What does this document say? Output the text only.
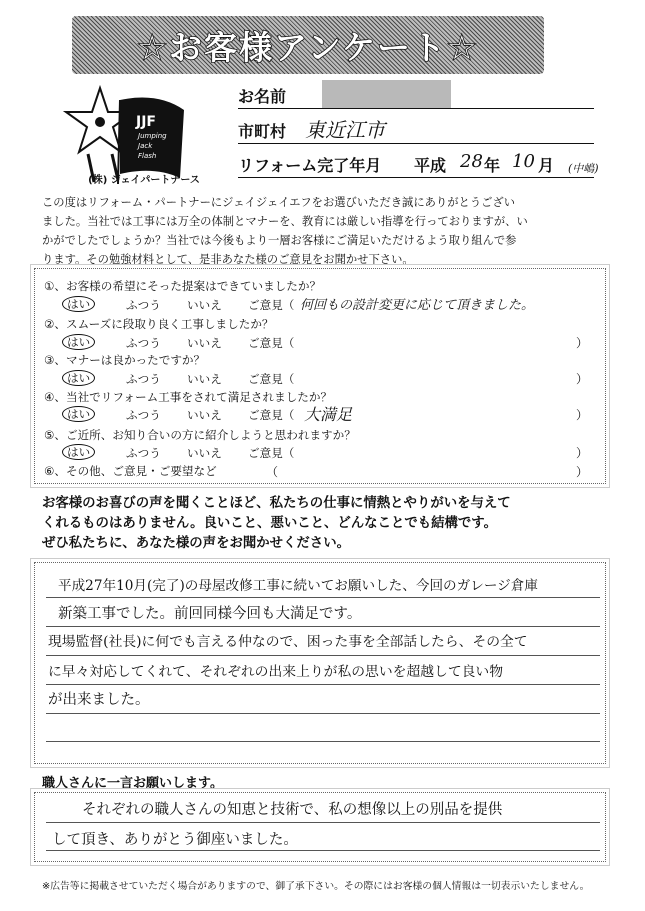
☆お客様アンケート☆
JJF
Jumping
Jack
Flash
(株) ジェイパートナース
お名前
市町村 東近江市
リフォーム完了年月 平成 28 年 10 月 (中嶋)
この度はリフォーム・パートナーにジェイジェイエフをお選びいただき誠にありがとうござい
ました。当社では工事には万全の体制とマナーを、教育には厳しい指導を行っておりますが、い
かがでしたでしょうか？当社では今後もより一層お客様にご満足いただけるよう取り組んで参
ります。その勉強材料として、是非あなた様のご意見をお聞かせ下さい。
①、お客様の希望にそった提案はできていましたか？
はい	ふつう いいえ ご意見（ 何回もの設計変更に応じて頂きました。
②、スムーズに段取り良く工事しましたか？
はい	ふつう いいえ ご意見（	）
③、マナーは良かったですか？
はい	ふつう いいえ ご意見（	）
④、当社でリフォーム工事をされて満足されましたか？
はい	ふつう いいえ ご意見（ 大満足	）
⑤、ご近所、お知り合いの方に紹介しようと思われますか？
はい	ふつう いいえ ご意見（	）
⑥、その他、ご意見・ご要望など	（	）
お客様のお喜びの声を聞くことほど、私たちの仕事に情熱とやりがいを与えて
くれるものはありません。良いこと、悪いこと、どんなことでも結構です。
ぜひ私たちに、あなた様の声をお聞かせください。
平成27年10月(完了)の母屋改修工事に続いてお願いした、今回のガレージ倉庫
新築工事でした。前回同様今回も大満足です。
現場監督(社長)に何でも言える仲なので、困った事を全部話したら、その全て
に早々対応してくれて、それぞれの出来上りが私の思いを超越して良い物
が出来ました。
職人さんに一言お願いします。
それぞれの職人さんの知恵と技術で、私の想像以上の別品を提供
して頂き、ありがとう御座いました。
※広告等に掲載させていただく場合がありますので、御了承下さい。その際にはお客様の個人情報は一切表示いたしません。
